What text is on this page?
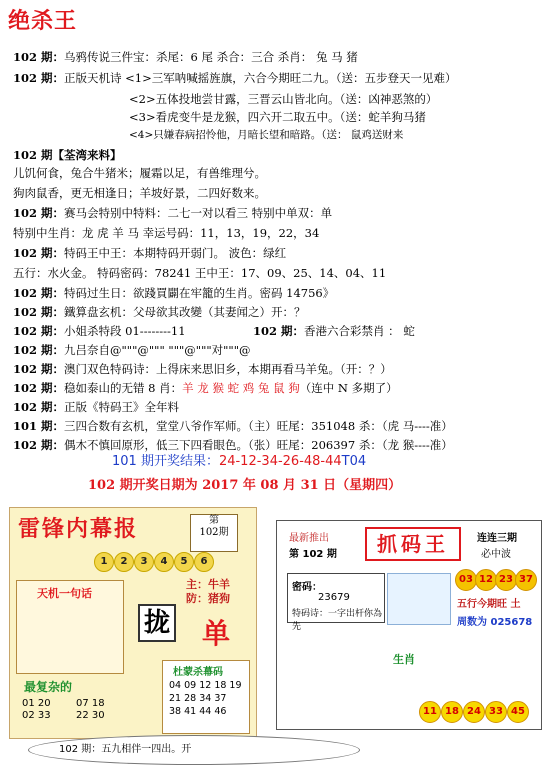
绝杀王
102 期：乌鸦传说三件宝：杀尾：6 尾 杀合：三合 杀肖： 兔 马 猪
102 期：正版天机诗 <1>三军呐喊摇旌旗，六合今期旺二九。（送：五步登天一见难）
<2>五体投地尝甘露，三晋云山皆北向。（送：凶神恶煞的）
<3>看虎变牛是龙猴，四六开二取五中。（送：蛇羊狗马猪
<4>只嫌春病招怜他，月暗长望和暗路。（送： 鼠鸡送财来
102 期【荃湾来料】
儿饥何食，兔合牛猪米；履霜以足，有兽维理兮。
狗肉鼠香，更无相逢日；羊坡好景，二四好数来。
102 期：赛马会特别中特料：二七一对以看三 特别中单双：单
特别中生肖：龙 虎 羊 马 幸运号码：11，13，19，22，34
102 期：特码王中王：本期特码开弱门。 波色：绿红
五行：水火金。 特码密码：78241 王中王：17、09、25、14、04、11
102 期：特码过生日：欲踐買闢在牢籠的生肖。密码 14756》
102 期：鐵算盘玄机：父母欲其改變（其妻闻之）开：？
102 期：小姐杀特段 01--------11	102 期：香港六合彩禁肖 ： 蛇
102 期：九吕奈自@"""@""" """@"""对"""@
102 期：澳门双色特码诗：上得床来思旧乡，本期再看马羊兔。（开：？）
102 期：稳如泰山的无错 8 肖：羊 龙 猴 蛇 鸡 兔 鼠 狗（连中 N 多期了）
102 期：正版《特码王》全年料
101 期：三四合数有玄机，堂堂八爷作军师。（主）旺尾：351048 杀：（虎 马----准）
102 期：偶木不慎回原形，低三下四看眼色。（张）旺尾：206397 杀：（龙 猴----准）
101 期开奖结果：24-12-34-26-48-44T04
102 期开奖日期为 2017 年 08 月 31 日（星期四）
雷锋内幕报	第
102期
1	2	3	4	5	6
天机一句话
拢 单
主：牛羊
防：猪狗
最复杂的
01 20
02 33
07 18
22 30
杜蒙杀幕码
04 09 12 18 19
21 28 34 37
38 41 44 46
最新推出
第 102 期	抓码王	连连三期
必中波
03 12 23 37
五行今期旺 土
周数为 025678
密码：
23679
特码诗：一字出杆你為先
生肖
11 18 24 33 45
102 期：五九相伴一四出。开
